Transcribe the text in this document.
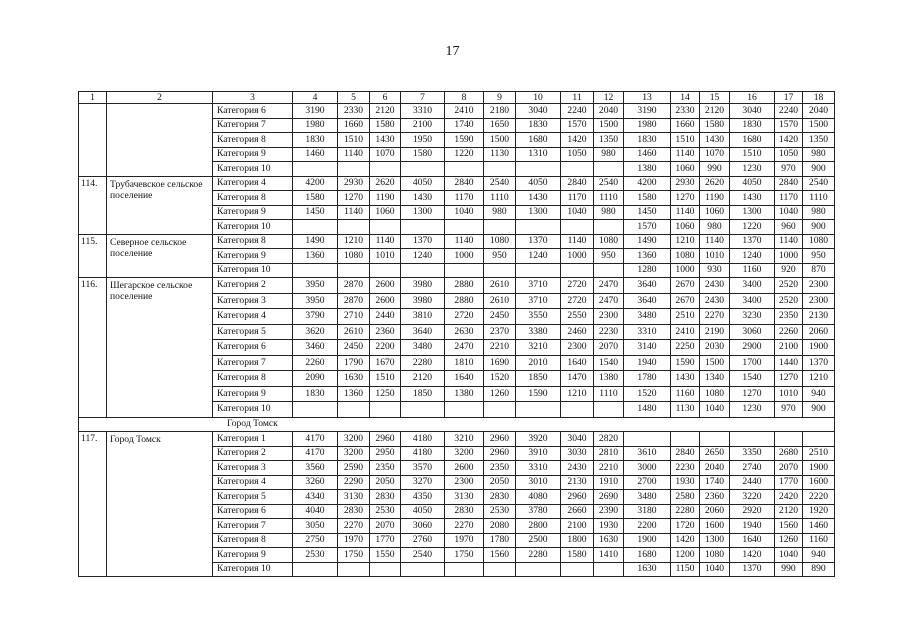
17
1	2	3	4	5	6	7	8	9	10	11	12	13	14	15	16	17	18
		Категория 6	3190	2330	2120	3310	2410	2180	3040	2240	2040	3190	2330	2120	3040	2240	2040
		Категория 7	1980	1660	1580	2100	1740	1650	1830	1570	1500	1980	1660	1580	1830	1570	1500
		Категория 8	1830	1510	1430	1950	1590	1500	1680	1420	1350	1830	1510	1430	1680	1420	1350
		Категория 9	1460	1140	1070	1580	1220	1130	1310	1050	980	1460	1140	1070	1510	1050	980
		Категория 10										1380	1060	990	1230	970	900
114.	Трубачевское сельское поселение	Категория 4	4200	2930	2620	4050	2840	2540	4050	2840	2540	4200	2930	2620	4050	2840	2540
		Категория 8	1580	1270	1190	1430	1170	1110	1430	1170	1110	1580	1270	1190	1430	1170	1110
		Категория 9	1450	1140	1060	1300	1040	980	1300	1040	980	1450	1140	1060	1300	1040	980
		Категория 10										1570	1060	980	1220	960	900
115.	Северное сельское поселение	Категория 8	1490	1210	1140	1370	1140	1080	1370	1140	1080	1490	1210	1140	1370	1140	1080
		Категория 9	1360	1080	1010	1240	1000	950	1240	1000	950	1360	1080	1010	1240	1000	950
		Категория 10										1280	1000	930	1160	920	870
116.	Шегарское сельское поселение	Категория 2	3950	2870	2600	3980	2880	2610	3710	2720	2470	3640	2670	2430	3400	2520	2300
		Категория 3	3950	2870	2600	3980	2880	2610	3710	2720	2470	3640	2670	2430	3400	2520	2300
		Категория 4	3790	2710	2440	3810	2720	2450	3550	2550	2300	3480	2510	2270	3230	2350	2130
		Категория 5	3620	2610	2360	3640	2630	2370	3380	2460	2230	3310	2410	2190	3060	2260	2060
		Категория 6	3460	2450	2200	3480	2470	2210	3210	2300	2070	3140	2250	2030	2900	2100	1900
		Категория 7	2260	1790	1670	2280	1810	1690	2010	1640	1540	1940	1590	1500	1700	1440	1370
		Категория 8	2090	1630	1510	2120	1640	1520	1850	1470	1380	1780	1430	1340	1540	1270	1210
		Категория 9	1830	1360	1250	1850	1380	1260	1590	1210	1110	1520	1160	1080	1270	1010	940
		Категория 10										1480	1130	1040	1230	970	900
Город Томск																	
117.	Город Томск	Категория 1	4170	3200	2960	4180	3210	2960	3920	3040	2820						
		Категория 2	4170	3200	2950	4180	3200	2960	3910	3030	2810	3610	2840	2650	3350	2680	2510
		Категория 3	3560	2590	2350	3570	2600	2350	3310	2430	2210	3000	2230	2040	2740	2070	1900
		Категория 4	3260	2290	2050	3270	2300	2050	3010	2130	1910	2700	1930	1740	2440	1770	1600
		Категория 5	4340	3130	2830	4350	3130	2830	4080	2960	2690	3480	2580	2360	3220	2420	2220
		Категория 6	4040	2830	2530	4050	2830	2530	3780	2660	2390	3180	2280	2060	2920	2120	1920
		Категория 7	3050	2270	2070	3060	2270	2080	2800	2100	1930	2200	1720	1600	1940	1560	1460
		Категория 8	2750	1970	1770	2760	1970	1780	2500	1800	1630	1900	1420	1300	1640	1260	1160
		Категория 9	2530	1750	1550	2540	1750	1560	2280	1580	1410	1680	1200	1080	1420	1040	940
		Категория 10										1630	1150	1040	1370	990	890
